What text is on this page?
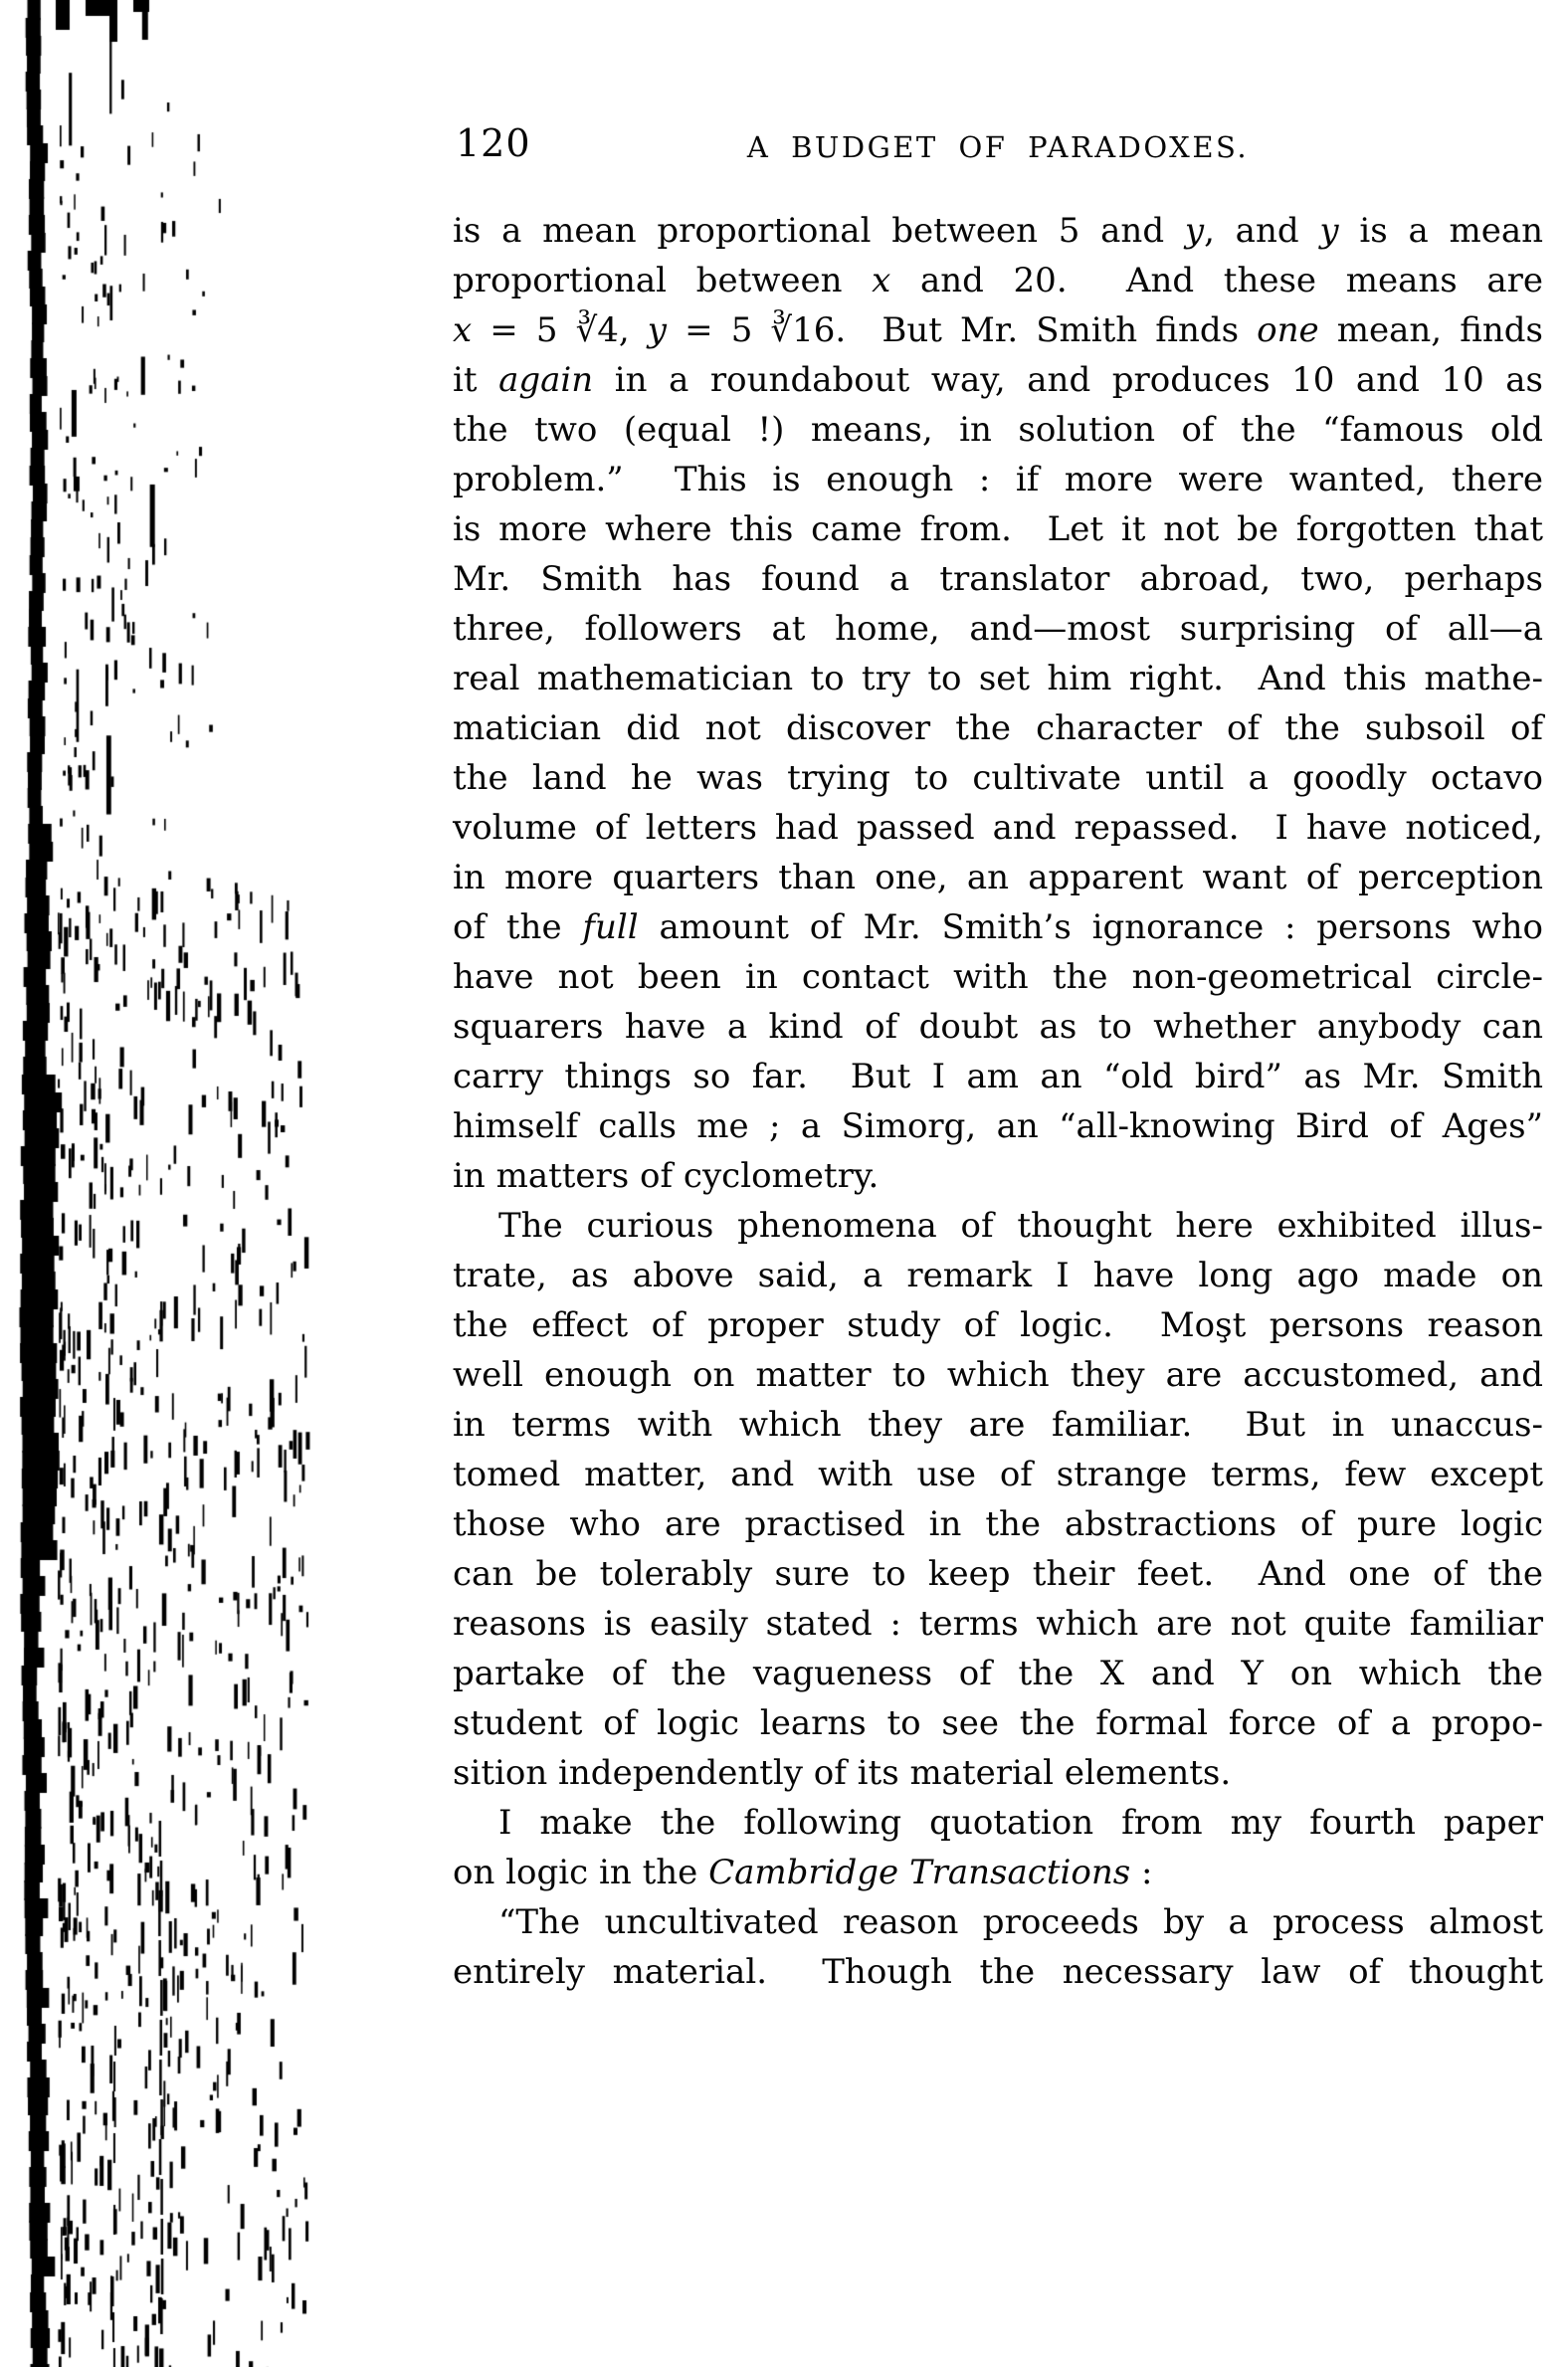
120	A BUDGET OF PARADOXES.
is a mean proportional between 5 and y, and y is a mean
proportional between x and 20.  And these means are
x = 5 ∛4, y = 5 ∛16.  But Mr. Smith finds one mean, finds
it again in a roundabout way, and produces 10 and 10 as
the two (equal !) means, in solution of the “famous old
problem.”  This is enough : if more were wanted, there
is more where this came from.  Let it not be forgotten that
Mr. Smith has found a translator abroad, two, perhaps
three, followers at home, and—most surprising of all—a
real mathematician to try to set him right.  And this mathe-
matician did not discover the character of the subsoil of
the land he was trying to cultivate until a goodly octavo
volume of letters had passed and repassed.  I have noticed,
in more quarters than one, an apparent want of perception
of the full amount of Mr. Smith’s ignorance : persons who
have not been in contact with the non-geometrical circle-
squarers have a kind of doubt as to whether anybody can
carry things so far.  But I am an “old bird” as Mr. Smith
himself calls me ; a Simorg, an “all-knowing Bird of Ages”
in matters of cyclometry.
The curious phenomena of thought here exhibited illus-
trate, as above said, a remark I have long ago made on
the effect of proper study of logic.  Moşt persons reason
well enough on matter to which they are accustomed, and
in terms with which they are familiar.  But in unaccus-
tomed matter, and with use of strange terms, few except
those who are practised in the abstractions of pure logic
can be tolerably sure to keep their feet.  And one of the
reasons is easily stated : terms which are not quite familiar
partake of the vagueness of the X and Y on which the
student of logic learns to see the formal force of a propo-
sition independently of its material elements.
I make the following quotation from my fourth paper
on logic in the Cambridge Transactions :
“The uncultivated reason proceeds by a process almost
entirely material.  Though the necessary law of thought
